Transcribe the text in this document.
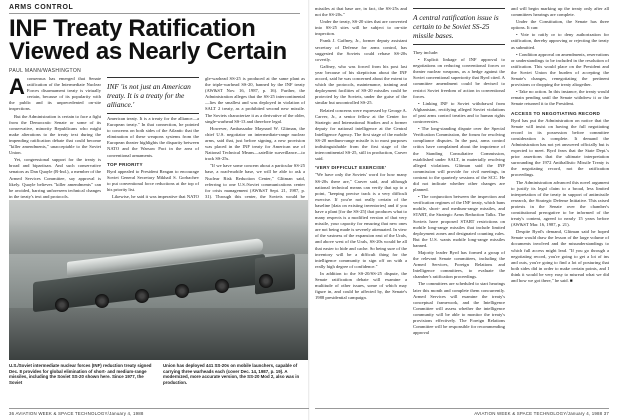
ARMS CONTROL
INF Treaty Ratification Viewed as Nearly Certain
PAUL MANN/WASHINGTON

Aconsensus has emerged that Senate ratification of the Intermediate Nuclear Forces disarmament treaty is virtually certain, because of its popularity with the public and its unprecedented on-site inspections.

But the Administration is certain to face a fight from the Democratic Senate or some of its conservative, minority Republicans who might make alterations to the treaty text during the impending ratification debate that could become "killer amendments," unacceptable to the Soviet Union.

Yet, congressional support for the treaty is broad and bipartisan. And such conservative senators as Dan Quayle (R-Ind.), a member of the Armed Services Committee, say approval is likely. Quayle believes "killer amendments" can be avoided, barring unforeseen technical changes in the treaty's text and protocols.

INF 'is not just an American treaty. It is a treaty for the alliance.'

American treaty. It is a treaty for the alliance—a European treaty." In that connection, he pointed to concerns on both sides of the Atlantic that the elimination of these weapons systems from the European theater highlights the disparity between NATO and the Warsaw Pact in the area of conventional armaments.

TOP PRIORITY

Byrd appealed to President Reagan to encourage Soviet General Secretary Mikhail S. Gorbachev to put conventional force reductions at the top of his priority list.

Likewise, he said it was imperative that NATO

gle-warhead SS-25 is produced at the same plant as the triple-warhead SS-20, banned by the INF treaty (AW&ST Nov. 16, 1987, p. 16). Further, the Administration alleges that the SS-25 intercontinental—lies the smallest and was deployed in violation of SALT 2 treaty, as a prohibited second new missile. The Soviets characterize it as a derivative of the older, single-warhead SS-13 and therefore legal.

However, Ambassador Maynard W. Glitman, the chief U.S. negotiator on intermediate-range nuclear arms, said that, just before signing, a new provision was placed in the INF treaty for American use of National Technical Means—satellite surveillance—to track SS-25s.

"If we have some concern about a particular SS-25 base, a road-mobile base, we will be able to ask a Nuclear Risk Reduction Center," Glitman said, referring to one U.S./Soviet communications center for crisis management (AW&ST Sept. 21, 1987, p. 31). Through this center, the Soviets would be

U.S./Soviet intermediate nuclear forces (INF) reduction treaty signed Dec. 8 provides for global elimination of short- and medium-range missiles, including the Soviet SS-20 shown here. Since 1977, the Soviet
Union has deployed 441 SS-20s on mobile launchers, capable of carrying three warheads each (cover Dec. 14, 1987, p. 19). A modernized, more accurate version, the SS-20 Mod 2, also was in production.

missiles at that base are, in fact, the SS-25s and not the SS-20s."

Under the treaty, SS-20 sites that are converted into SS-25 sites will be subject to on-site inspection.

Frank J. Gaffney, Jr., former deputy assistant secretary of Defense for arms control, has suggested the Soviets could rebase SS-20s covertly.

Gaffney, who was forced from his post last year because of his skepticism about the INF accord, said he was concerned about the extent to which the protocols, maintenance, training and deployment facilities of SS-20 missiles could be protected by the Soviets, under the guise of the similar but uncontrolled SS-25.

Related concerns were expressed by George A. Carver, Jr., a senior fellow at the Center for Strategic and International Studies and a former deputy for national intelligence at the Central Intelligence Agency. The first stage of the mobile SS-20 medium-range missile is to most purposes indistinguishable from the first stage of the intercontinental SS-25, still in production, Carver said.

'VERY DIFFICULT EXERCISE'

"We have only the Soviets' word for how many SS-20s there are," Carver said, and although national technical means can verify that up to a point, "keeping precise track is a very difficult exercise. If you're not really certain of the baseline [data on existing inventories] and if you have a plant [for the SS-25] that produces what to many respects is a modified version of that very missile, your capacity for ensuring that new ones are not being made is severely attenuated. In view of the vastness of the expansion east of the Urals, and above west of the Urals, SS-20s would be all that easier to hide and cache. So being sure of the inventory will be a difficult thing for the intelligence community to sign off on with a really high degree of confidence."

In addition to the SS-20/SS-25 dispute, the Senate ratification debate will examine a multitude of other issues, some of which may figure in, and could be affected by, the Senate's 1988 presidential campaign.

A central ratification issue is certain to be Soviet SS-25 missile bases.

They include:

• Explicit linkage of INF approval to negotiations on reducing conventional forces or theater nuclear weapons, as a hedge against the Soviet conventional superiority that Byrd cited. A committee amendment could be devised to restrict Soviet freedom of action in conventional forces.

• Linking INF to Soviet withdrawal from Afghanistan, rectifying alleged Soviet violations of past arms control treaties and to human rights controversies.

• The long-standing dispute over the Special Verification Commission, the forum for resolving compliance disputes. In the past, arms control critics have complained about the impotence of the Standing Consultative Commission, established under SALT, in materially resolving alleged violations. Glitman said the INF commission will provide for civil meetings, in contrast to the quarterly sessions of the SCC. He did not indicate whether other changes are planned.

• The conjunction between the inspection and verification regimes of the INF treaty, which bans mobile, short- and medium-range missiles, and START, the Strategic Arms Reduction Talks. The Soviets have proposed START restrictions on mobile long-range missiles that include limited deployment zones and designated counting rules. But the U.S. wants mobile long-range missiles banned.

Majority leader Byrd has formed a group of the relevant Senate committees, including the Armed Services, Foreign Relations and Intelligence committees, to evaluate the chamber's ratification proceedings.

The committees are scheduled to start hearings later this month and complete them concurrently. Armed Services will examine the treaty's conceptual framework, and the Intelligence Committee will assess whether the intelligence community will be able to monitor the treaty's provisions effectively. The Foreign Relations Committee will be responsible for recommending approval

and will begin marking up the treaty only after all committees hearings are complete.

Under the Constitution, the Senate has three options. It can:

• Vote to ratify or to deny authorization for ratification, thereby approving or rejecting the treaty as submitted.

• Condition approval on amendments, reservations or understandings to be included in the resolution of ratification. This would place on the President and the Soviet Union the burden of accepting the Senate's changes, renegotiating the pertinent provisions or dropping the treaty altogether.

• Take no action. In this instance, the treaty would remain pending until the Senate withdrew it or the Senate returned it to the President.

ACCESS TO NEGOTIATING RECORD

Byrd has put the Administration on notice that the Senate will insist on having the full negotiating record in its possession before committee consideration is complete. It demand the Administration has not yet answered officially but is expected to meet. Byrd fears that the State Dept.'s prior assertions that the ultimate interpretation surrounding the 1972 Antiballistic Missile Treaty is the negotiating record, not the ratification proceedings.

The Administration advanced this novel argument to justify its legal claim to a broad, less limited interpretation of the treaty in support of antimissile research, the Strategic Defense Initiative. This raised protests in the Senate over the chamber's constitutional prerogative to be informed of the treaty's content, agreed to nearly 15 years before (AW&ST Mar. 16, 1987, p. 21).

Despite Byrd's demand, Glitman said he hoped Senate would draw the lesson of the large volume of documents involved and the misunderstandings to which full access might lead. "If you go through a negotiating record, you're going to get a lot of ins and outs, you're going to find a lot of posturing that both sides did in order to make certain points, and I think it would be very easy to misread what we did and how we got there," he said. ■

36 AVIATION WEEK & SPACE TECHNOLOGY/January 4, 1988	AVIATION WEEK & SPACE TECHNOLOGY/January 4, 1988 37
